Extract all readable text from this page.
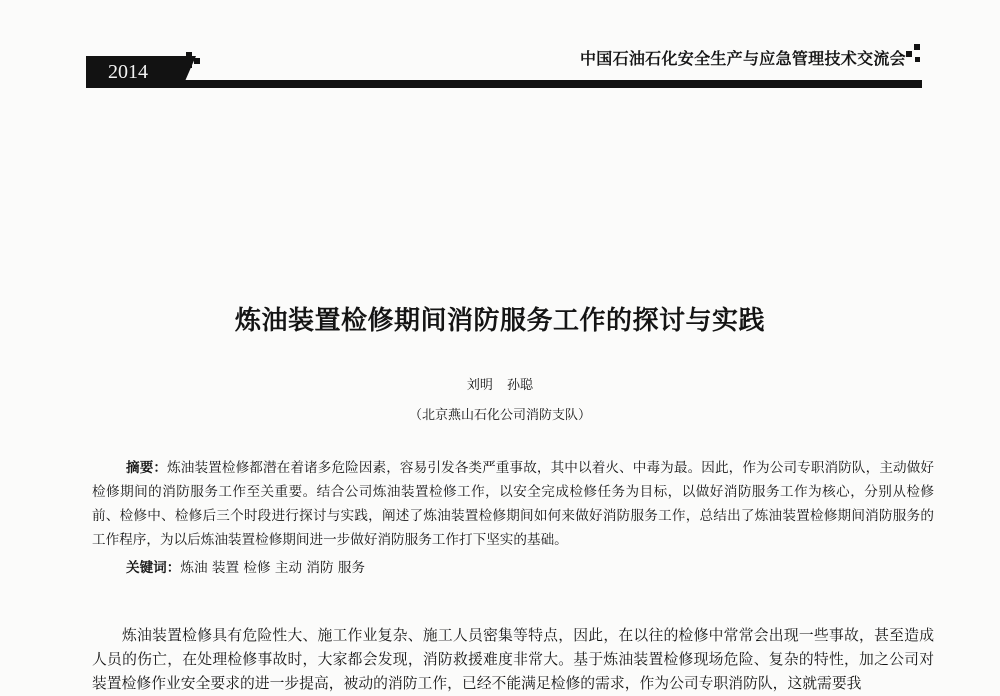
2014
中国石油石化安全生产与应急管理技术交流会
炼油装置检修期间消防服务工作的探讨与实践
刘明 孙聪
（北京燕山石化公司消防支队）
摘要：炼油装置检修都潜在着诸多危险因素，容易引发各类严重事故，其中以着火、中毒为最。因此，作为公司专职消防队，主动做好检修期间的消防服务工作至关重要。结合公司炼油装置检修工作，以安全完成检修任务为目标，以做好消防服务工作为核心，分别从检修前、检修中、检修后三个时段进行探讨与实践，阐述了炼油装置检修期间如何来做好消防服务工作，总结出了炼油装置检修期间消防服务的工作程序，为以后炼油装置检修期间进一步做好消防服务工作打下坚实的基础。
关键词：炼油 装置 检修 主动 消防 服务

炼油装置检修具有危险性大、施工作业复杂、施工人员密集等特点，因此，在以往的检修中常常会出现一些事故，甚至造成人员的伤亡，在处理检修事故时，大家都会发现，消防救援难度非常大。基于炼油装置检修现场危险、复杂的特性，加之公司对装置检修作业安全要求的进一步提高，被动的消防工作，已经不能满足检修的需求，作为公司专职消防队，这就需要我
